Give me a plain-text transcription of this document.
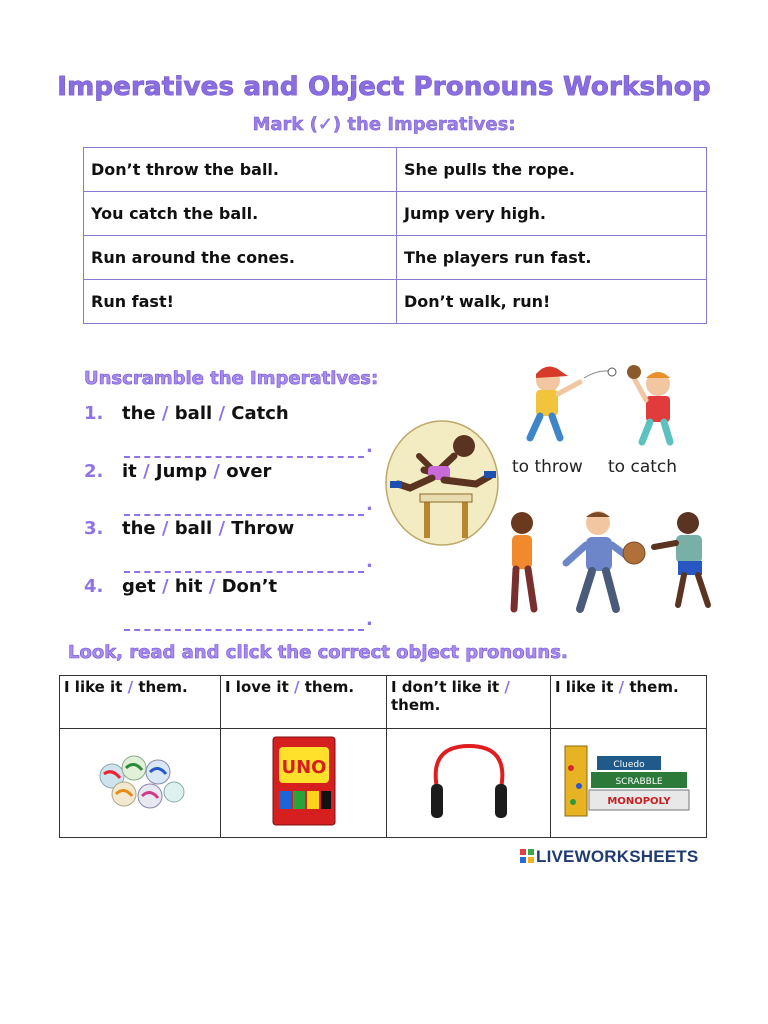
Imperatives and Object Pronouns Workshop
Mark (✓) the Imperatives:
Don’t throw the ball.	She pulls the rope.
You catch the ball.	Jump very high.
Run around the cones.	The players run fast.
Run fast!	Don’t walk, run!
Unscramble the Imperatives:
1. the / ball / Catch
.
2. it / Jump / over
.
3. the / ball / Throw
.
4. get / hit / Don’t
.
to throw to catch
Look, read and click the correct object pronouns.
I like it / them.	I love it / them.	I don’t like it / them.	I like it / them.

UNO		Cluedo
SCRABBLE
MONOPOLY
LIVEWORKSHEETS
